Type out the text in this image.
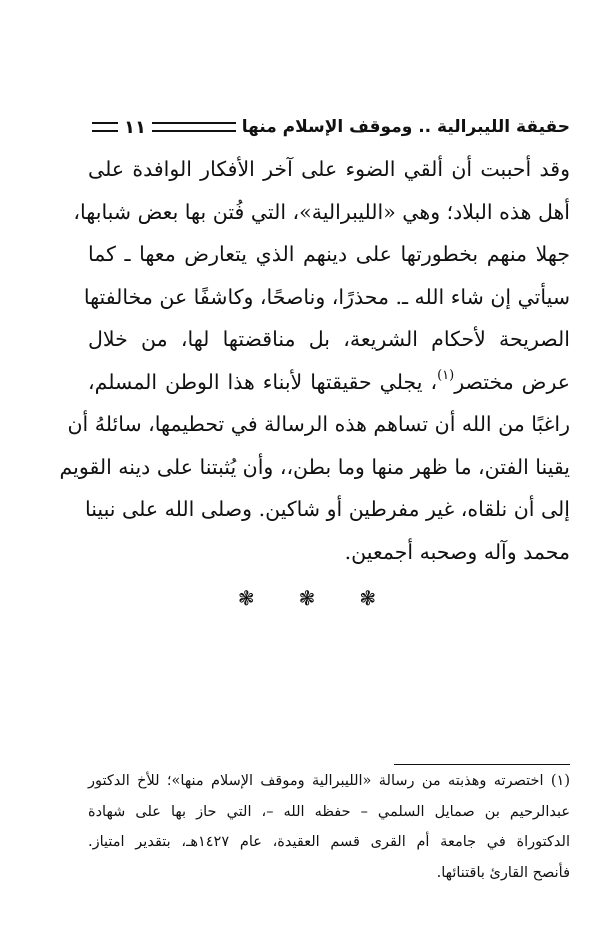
حقيقة الليبرالية .. وموقف الإسلام منها
١١
وقد أحببت أن ألقي الضوء على آخر الأفكار الوافدة على
أهل هذه البلاد؛ وهي «الليبرالية»، التي فُتن بها بعض شبابها،
جهلا منهم بخطورتها على دينهم الذي يتعارض معها ـ كما
سيأتي إن شاء الله ـ. محذرًا، وناصحًا، وكاشفًا عن مخالفتها
الصريحة لأحكام الشريعة، بل مناقضتها لها، من خلال
عرض مختصر$^{(١)}$، يجلي حقيقتها لأبناء هذا الوطن المسلم،
راغبًا من الله أن تساهم هذه الرسالة في تحطيمها، سائلهُ أن
يقينا الفتن، ما ظهر منها وما بطن،، وأن يُثبتنا على دينه القويم
إلى أن نلقاه، غير مفرطين أو شاكين. وصلى الله على نبينا
محمد وآله وصحبه أجمعين.
❃
❃
❃
(١) اختصرته وهذبته من رسالة «الليبرالية وموقف الإسلام منها»؛ للأخ الدكتور
عبدالرحيم بن صمايل السلمي – حفظه الله –، التي حاز بها على شهادة
الدكتوراة في جامعة أم القرى قسم العقيدة، عام ١٤٢٧هـ، بتقدير امتياز.
فأنصح القارئ باقتنائها.
